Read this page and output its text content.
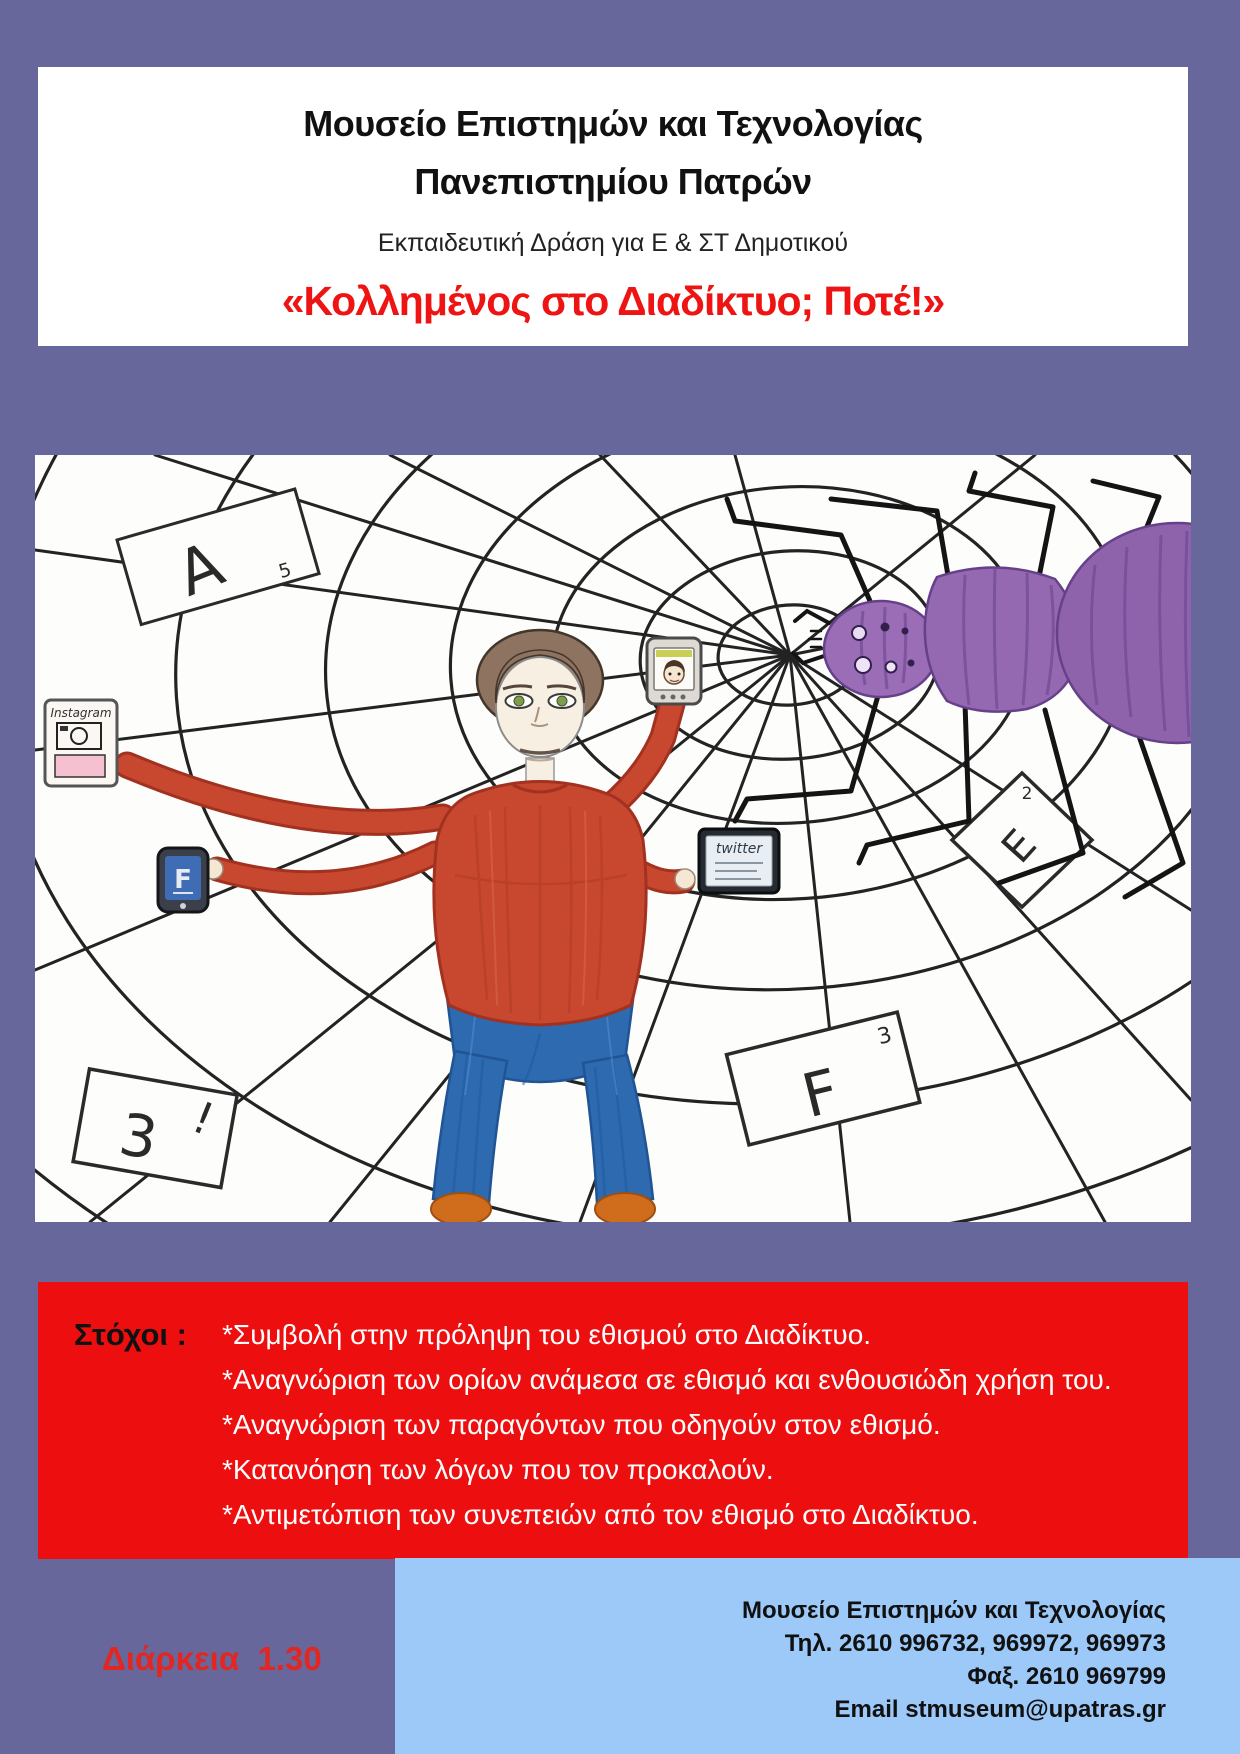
Μουσείο Επιστημών και Τεχνολογίας
Πανεπιστημίου Πατρών
Εκπαιδευτική Δράση για Ε & ΣΤ Δημοτικού
«Κολλημένος στο Διαδίκτυο; Ποτέ!»
A 5
E
2
F
3
3 !
Instagram
F
twitter
Στόχοι :	*Συμβολή στην πρόληψη του εθισμού στο Διαδίκτυο.
*Αναγνώριση των ορίων ανάμεσα σε εθισμό και ενθουσιώδη χρήση του.
*Αναγνώριση των παραγόντων που οδηγούν στον εθισμό.
*Κατανόηση των λόγων που τον προκαλούν.
*Αντιμετώπιση των συνεπειών από τον εθισμό στο Διαδίκτυο.
Διάρκεια  1.30
Μουσείο Επιστημών και Τεχνολογίας
Τηλ. 2610 996732, 969972, 969973
Φαξ. 2610 969799
Email stmuseum@upatras.gr
